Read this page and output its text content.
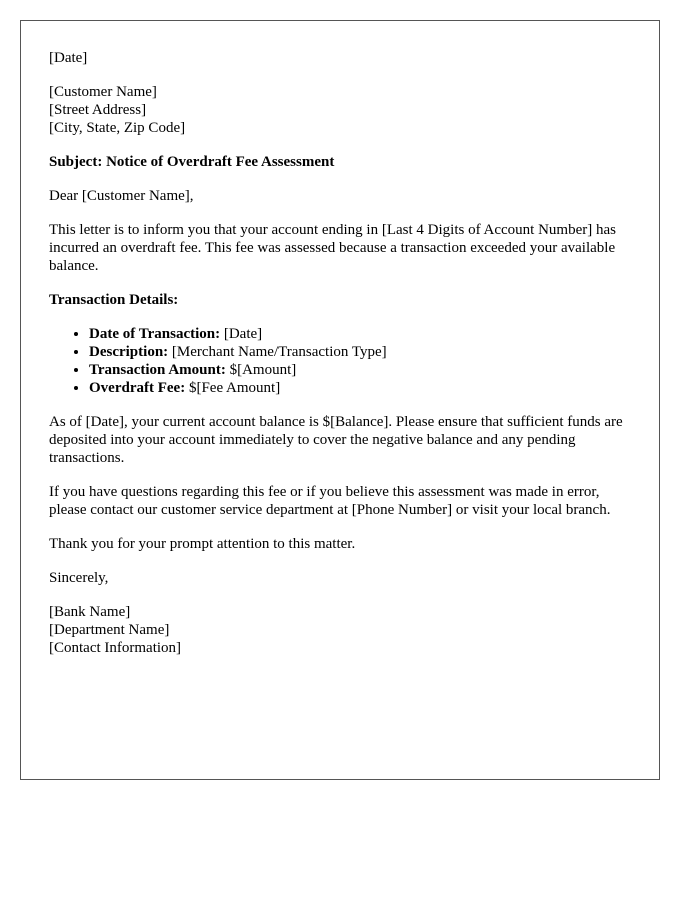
[Date]

[Customer Name]
[Street Address]
[City, State, Zip Code]

Subject: Notice of Overdraft Fee Assessment

Dear [Customer Name],

This letter is to inform you that your account ending in [Last 4 Digits of Account Number] has incurred an overdraft fee. This fee was assessed because a transaction exceeded your available balance.

Transaction Details:

• Date of Transaction: [Date]
• Description: [Merchant Name/Transaction Type]
• Transaction Amount: $[Amount]
• Overdraft Fee: $[Fee Amount]

As of [Date], your current account balance is $[Balance]. Please ensure that sufficient funds are deposited into your account immediately to cover the negative balance and any pending transactions.

If you have questions regarding this fee or if you believe this assessment was made in error, please contact our customer service department at [Phone Number] or visit your local branch.

Thank you for your prompt attention to this matter.

Sincerely,

[Bank Name]
[Department Name]
[Contact Information]
